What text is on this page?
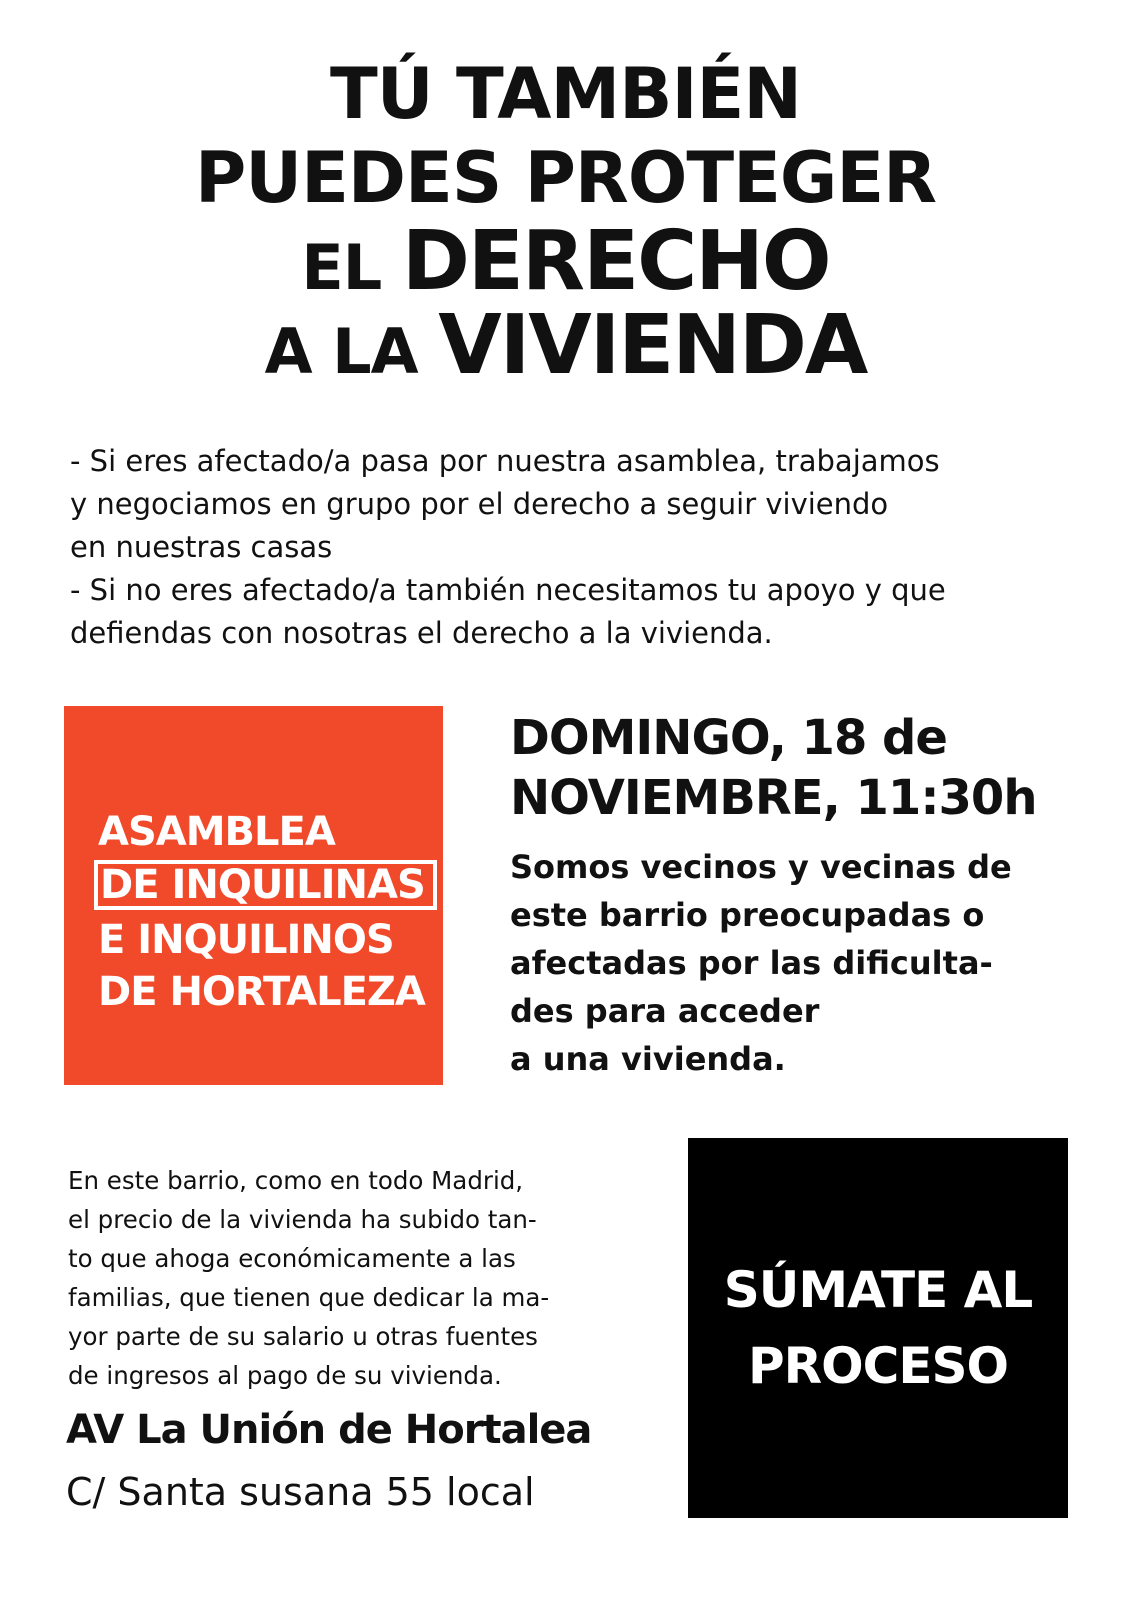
TÚ TAMBIÉN
PUEDES PROTEGER
EL DERECHO
A LA VIVIENDA

- Si eres afectado/a pasa por nuestra asamblea, trabajamos

y negociamos en grupo por el derecho a seguir viviendo

en nuestras casas

- Si no eres afectado/a también necesitamos tu apoyo y que

defiendas con nosotras el derecho a la vivienda.

ASAMBLEA
DE INQUILINAS
E INQUILINOS
DE HORTALEZA
DOMINGO, 18 de
NOVIEMBRE, 11:30h
Somos vecinos y vecinas de
este barrio preocupadas o
afectadas por las dificulta-
des para acceder
a una vivienda.
En este barrio, como en todo Madrid,
el precio de la vivienda ha subido tan-
to que ahoga económicamente a las
familias, que tienen que dedicar la ma-
yor parte de su salario u otras fuentes
de ingresos al pago de su vivienda.
AV La Unión de Hortalea
C/ Santa susana 55 local
SÚMATE AL
PROCESO
